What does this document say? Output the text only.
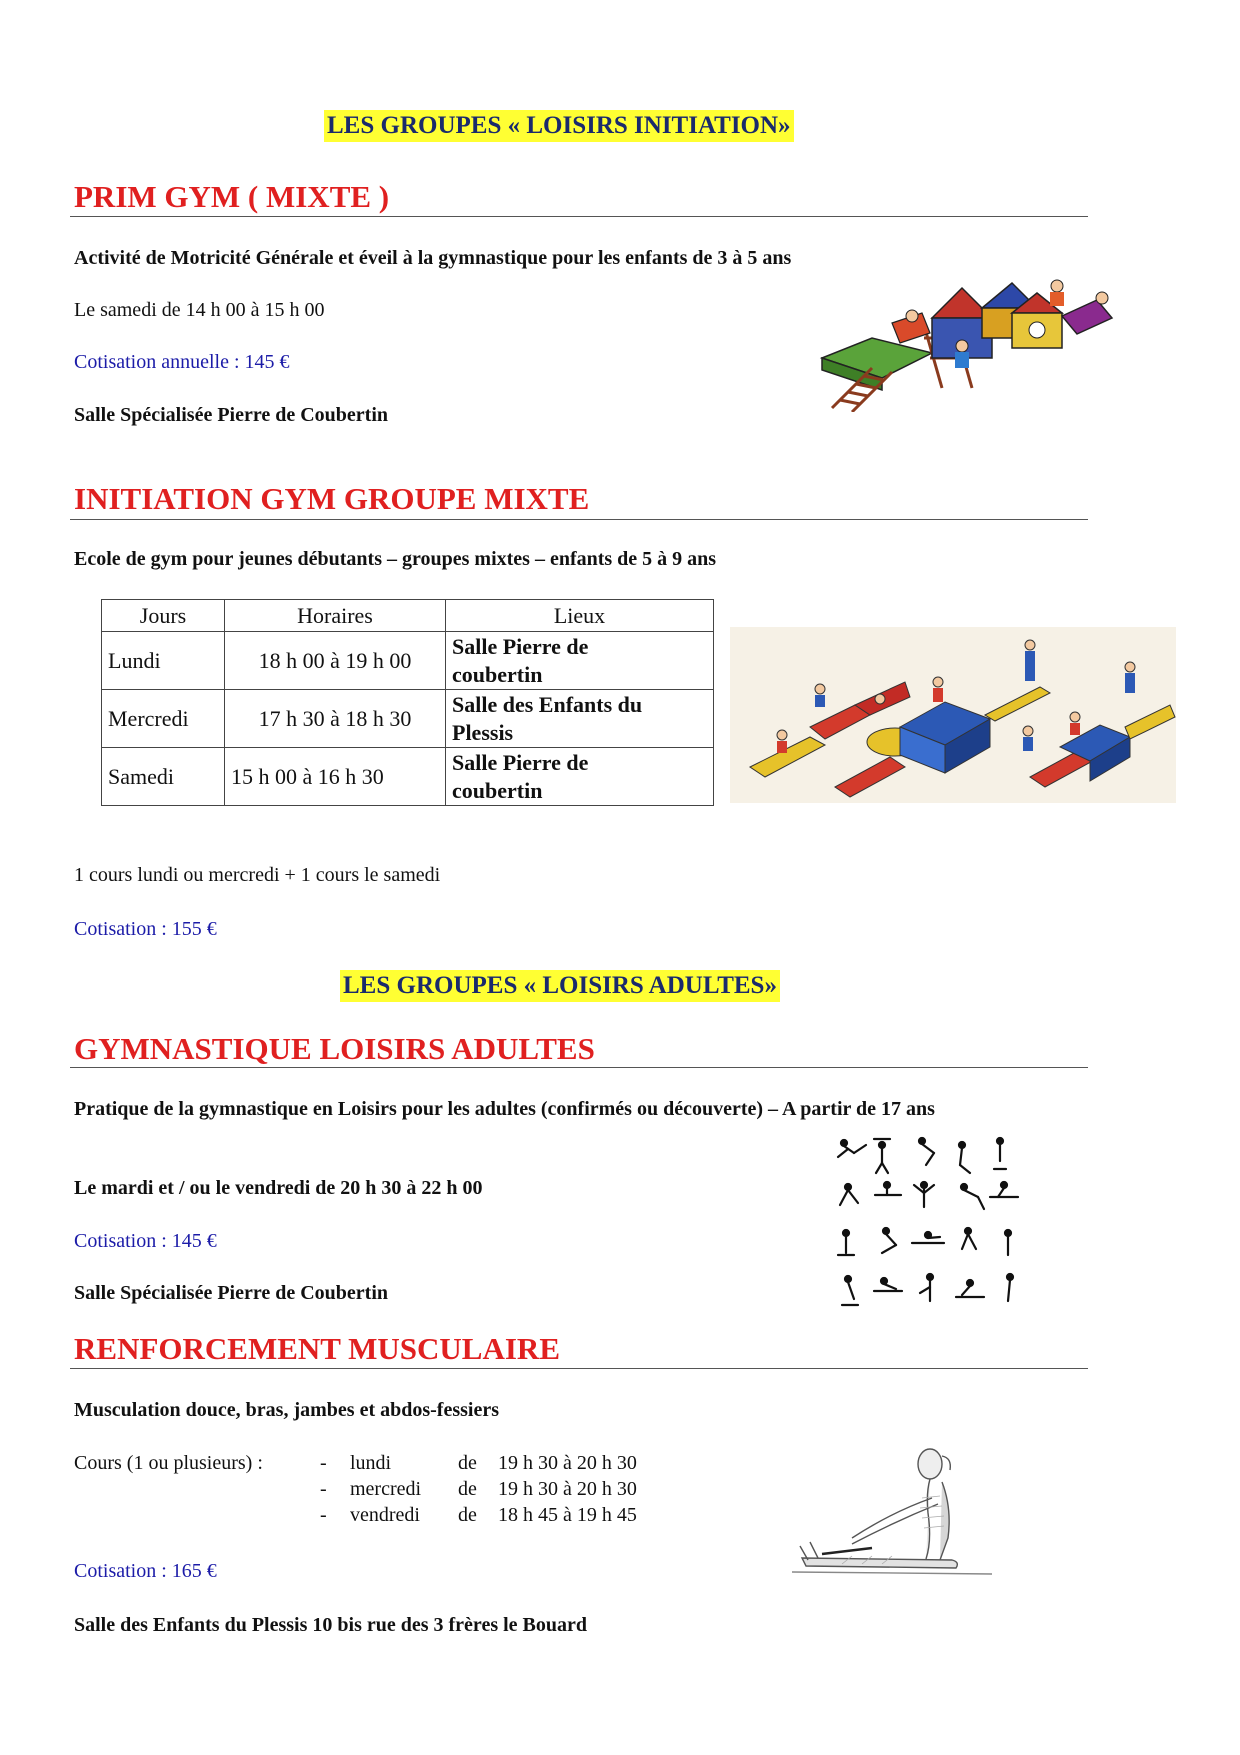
LES GROUPES « LOISIRS INITIATION»
PRIM GYM ( MIXTE )
Activité de Motricité Générale et éveil à la gymnastique pour les enfants de 3 à 5 ans
Le samedi de 14 h 00 à 15 h 00
Cotisation annuelle : 145 €
Salle Spécialisée Pierre de Coubertin
INITIATION GYM GROUPE MIXTE
Ecole de gym pour jeunes débutants – groupes mixtes – enfants de 5 à 9 ans
Jours	Horaires	Lieux
Lundi	18 h 00 à 19 h 00	Salle Pierre de
coubertin
Mercredi	17 h 30 à 18 h 30	Salle des Enfants du
Plessis
Samedi	15 h 00 à 16 h 30	Salle Pierre de
coubertin
1 cours lundi ou mercredi + 1 cours le samedi
Cotisation : 155 €
LES GROUPES « LOISIRS ADULTES»
GYMNASTIQUE LOISIRS ADULTES
Pratique de la gymnastique en Loisirs pour les adultes (confirmés ou découverte) – A partir de 17 ans
Le mardi et / ou le vendredi de 20 h 30 à 22 h 00
Cotisation : 145 €
Salle Spécialisée Pierre de Coubertin
RENFORCEMENT MUSCULAIRE
Musculation douce, bras, jambes et abdos-fessiers
Cours (1 ou plusieurs) :	- lundi	de 19 h 30 à 20 h 30
- mercredi de 19 h 30 à 20 h 30
- vendredi de 18 h 45 à 19 h 45
Cotisation : 165 €
Salle des Enfants du Plessis 10 bis rue des 3 frères le Bouard
